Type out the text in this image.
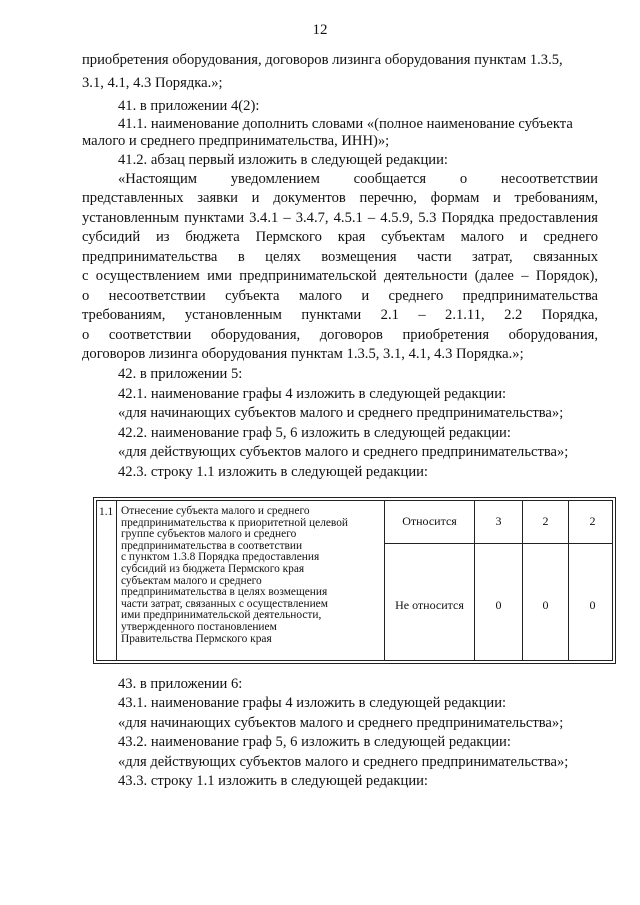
12
приобретения оборудования, договоров лизинга оборудования пунктам 1.3.5,
3.1, 4.1, 4.3 Порядка.»;
41. в приложении 4(2):
41.1. наименование дополнить словами «(полное наименование субъекта
малого и среднего предпринимательства, ИНН)»;
41.2. абзац первый изложить в следующей редакции:
«Настоящим уведомлением сообщается о несоответствии
представленных заявки и документов перечню, формам и требованиям,
установленным пунктами 3.4.1 – 3.4.7, 4.5.1 – 4.5.9, 5.3 Порядка предоставления
субсидий из бюджета Пермского края субъектам малого и среднего
предпринимательства в целях возмещения части затрат, связанных
с осуществлением ими предпринимательской деятельности (далее – Порядок),
о несоответствии субъекта малого и среднего предпринимательства
требованиям, установленным пунктами 2.1 – 2.1.11, 2.2 Порядка,
о соответствии оборудования, договоров приобретения оборудования,
договоров лизинга оборудования пунктам 1.3.5, 3.1, 4.1, 4.3 Порядка.»;
42. в приложении 5:
42.1. наименование графы 4 изложить в следующей редакции:
«для начинающих субъектов малого и среднего предпринимательства»;
42.2. наименование граф 5, 6 изложить в следующей редакции:
«для действующих субъектов малого и среднего предпринимательства»;
42.3. строку 1.1 изложить в следующей редакции:
1.1 Отнесение субъекта малого и среднего
предпринимательства к приоритетной целевой
группе субъектов малого и среднего
предпринимательства в соответствии
с пунктом 1.3.8 Порядка предоставления
субсидий из бюджета Пермского края
субъектам малого и среднего
предпринимательства в целях возмещения
части затрат, связанных с осуществлением
ими предпринимательской деятельности,
утвержденного постановлением
Правительства Пермского края
Относится	3	2	2
Не относится	0	0	0
43. в приложении 6:
43.1. наименование графы 4 изложить в следующей редакции:
«для начинающих субъектов малого и среднего предпринимательства»;
43.2. наименование граф 5, 6 изложить в следующей редакции:
«для действующих субъектов малого и среднего предпринимательства»;
43.3. строку 1.1 изложить в следующей редакции:
